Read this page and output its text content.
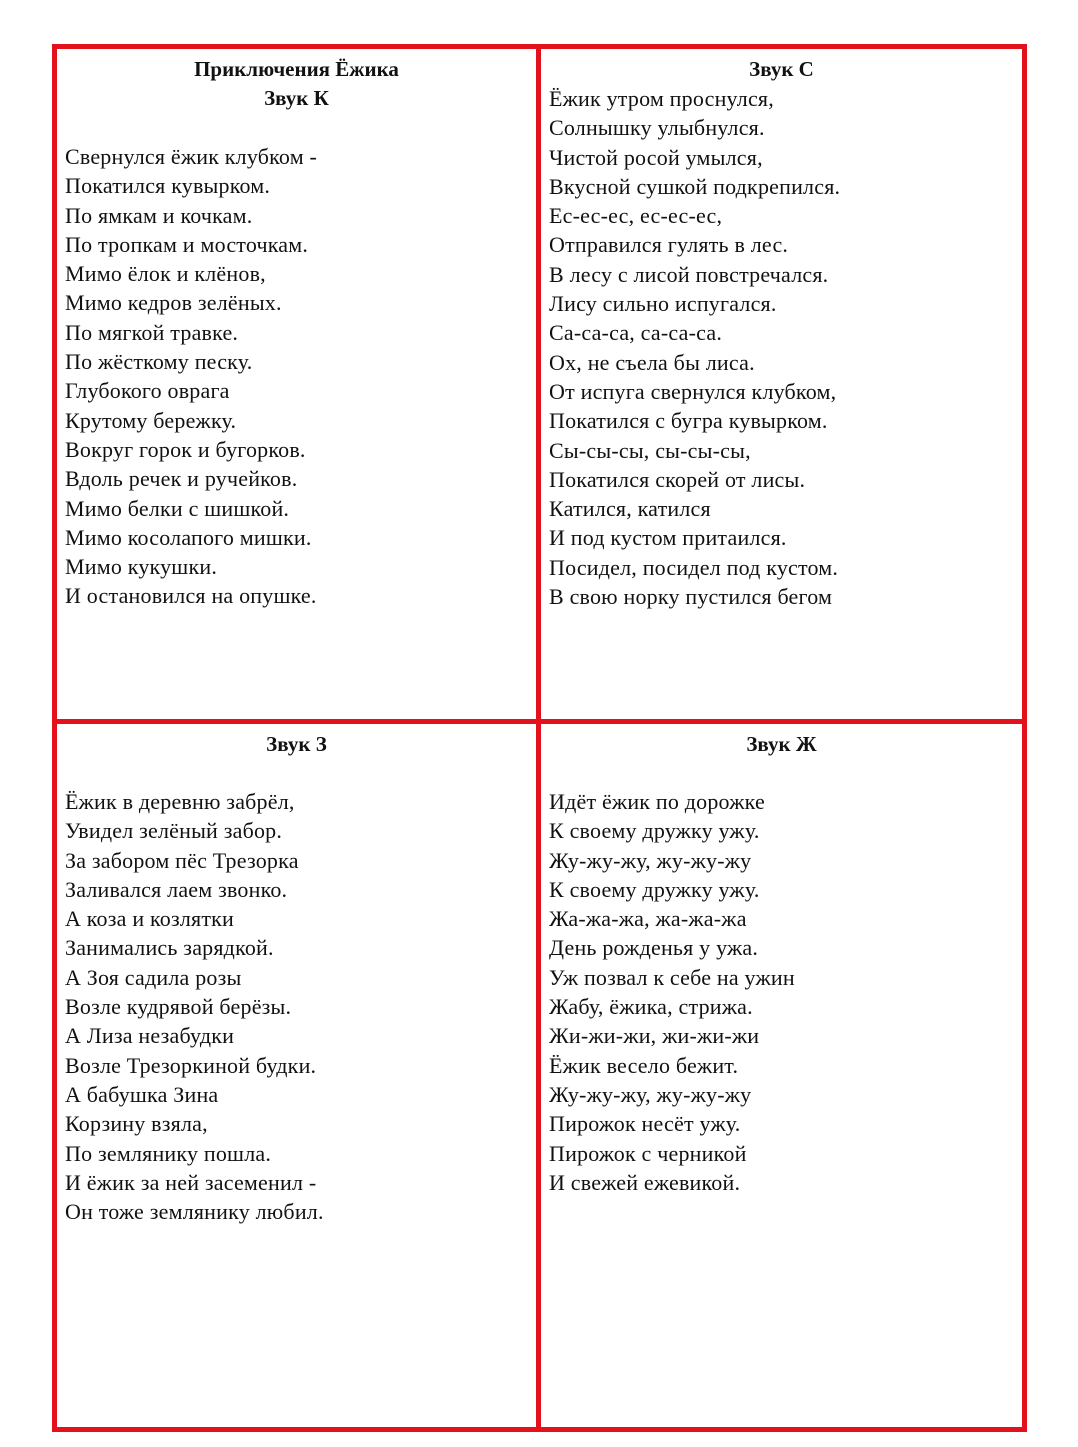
Приключения Ёжика

Звук К

Свернулся ёжик клубком -
Покатился кувырком.
По ямкам и кочкам.
По тропкам и мосточкам.
Мимо ёлок и клёнов,
Мимо кедров зелёных.
По мягкой травке.
По жёсткому песку.
Глубокого оврага
Крутому бережку.
Вокруг горок и бугорков.
Вдоль речек и ручейков.
Мимо белки с шишкой.
Мимо косолапого мишки.
Мимо кукушки.
И остановился на опушке.

Звук С

Ёжик утром проснулся,
Солнышку улыбнулся.
Чистой росой умылся,
Вкусной сушкой подкрепился.
Ес-ес-ес, ес-ес-ес,
Отправился гулять в лес.
В лесу с лисой повстречался.
Лису сильно испугался.
Са-са-са, са-са-са.
Ох, не съела бы лиса.
От испуга свернулся клубком,
Покатился с бугра кувырком.
Сы-сы-сы, сы-сы-сы,
Покатился скорей от лисы.
Катился, катился
И под кустом притаился.
Посидел, посидел под кустом.
В свою норку пустился бегом

Звук З

Ёжик в деревню забрёл,
Увидел зелёный забор.
За забором пёс Трезорка
Заливался лаем звонко.
А коза и козлятки
Занимались зарядкой.
А Зоя садила розы
Возле кудрявой берёзы.
А Лиза незабудки
Возле Трезоркиной будки.
А бабушка Зина
Корзину взяла,
По землянику пошла.
И ёжик за ней засеменил -
Он тоже землянику любил.

Звук Ж

Идёт ёжик по дорожке
К своему дружку ужу.
Жу-жу-жу, жу-жу-жу
К своему дружку ужу.
Жа-жа-жа, жа-жа-жа
День рожденья у ужа.
Уж позвал к себе на ужин
Жабу, ёжика, стрижа.
Жи-жи-жи, жи-жи-жи
Ёжик весело бежит.
Жу-жу-жу, жу-жу-жу
Пирожок несёт ужу.
Пирожок с черникой
И свежей ежевикой.
